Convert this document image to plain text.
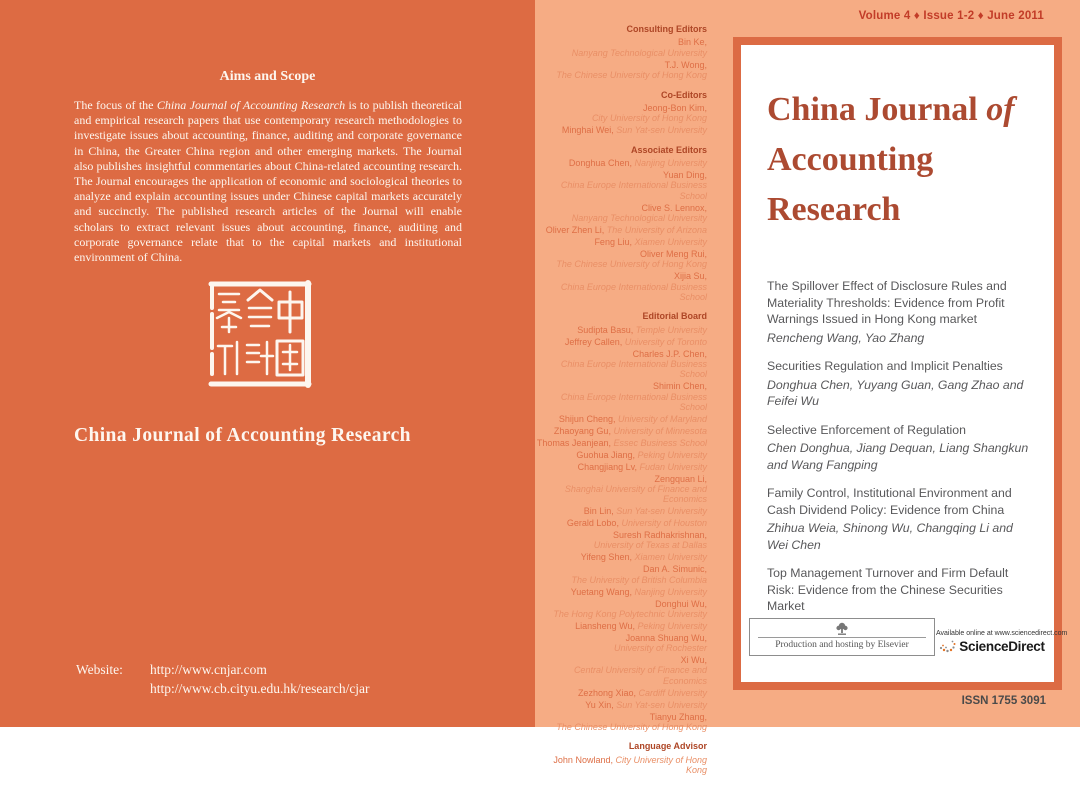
Aims and Scope
The focus of the China Journal of Accounting Research is to publish theoretical and empirical research papers that use contemporary research methodologies to investigate issues about accounting, finance, auditing and corporate governance in China, the Greater China region and other emerging markets. The Journal also publishes insightful commentaries about China-related accounting research. The Journal encourages the application of economic and sociological theories to analyze and explain accounting issues under Chinese capital markets accurately and succinctly. The published research articles of the Journal will enable scholars to extract relevant issues about accounting, finance, auditing and corporate governance relate that to the capital markets and institutional environment of China.
China Journal of Accounting Research
Website:	http://www.cnjar.com
http://www.cb.cityu.edu.hk/research/cjar
Consulting Editors
Bin Ke,
Nanyang Technological University
T.J. Wong,
The Chinese University of Hong Kong
Co-Editors
Jeong-Bon Kim,
City University of Hong Kong
Minghai Wei, Sun Yat-sen University
Associate Editors
Donghua Chen, Nanjing University
Yuan Ding,
China Europe International Business School
Clive S. Lennox,
Nanyang Technological University
Oliver Zhen Li, The University of Arizona
Feng Liu, Xiamen University
Oliver Meng Rui,
The Chinese University of Hong Kong
Xijia Su,
China Europe International Business School
Editorial Board
Sudipta Basu, Temple University
Jeffrey Callen, University of Toronto
Charles J.P. Chen,
China Europe International Business School
Shimin Chen,
China Europe International Business School
Shijun Cheng, University of Maryland
Zhaoyang Gu, University of Minnesota
Thomas Jeanjean, Essec Business School
Guohua Jiang, Peking University
Changjiang Lv, Fudan University
Zengquan Li,
Shanghai University of Finance and Economics
Bin Lin, Sun Yat-sen University
Gerald Lobo, University of Houston
Suresh Radhakrishnan,
University of Texas at Dallas
Yifeng Shen, Xiamen University
Dan A. Simunic,
The University of British Columbia
Yuetang Wang, Nanjing University
Donghui Wu,
The Hong Kong Polytechnic University
Liansheng Wu, Peking University
Joanna Shuang Wu,
University of Rochester
Xi Wu,
Central University of Finance and Economics
Zezhong Xiao, Cardiff University
Yu Xin, Sun Yat-sen University
Tianyu Zhang,
The Chinese University of Hong Kong
Language Advisor
John Nowland, City University of Hong Kong
Volume 4 ♦ Issue 1-2 ♦ June 2011
China Journal of
Accounting
Research

The Spillover Effect of Disclosure Rules and Materiality Thresholds: Evidence from Profit Warnings Issued in Hong Kong market

Rencheng Wang, Yao Zhang

Securities Regulation and Implicit Penalties

Donghua Chen, Yuyang Guan, Gang Zhao and Feifei Wu

Selective Enforcement of Regulation

Chen Donghua, Jiang Dequan, Liang Shangkun and Wang Fangping

Family Control, Institutional Environment and Cash Dividend Policy: Evidence from China

Zhihua Weia, Shinong Wu, Changqing Li and Wei Chen

Top Management Turnover and Firm Default Risk: Evidence from the Chinese Securities Market

Production and hosting by Elsevier
Available online at www.sciencedirect.com
ScienceDirect
ISSN 1755 3091
